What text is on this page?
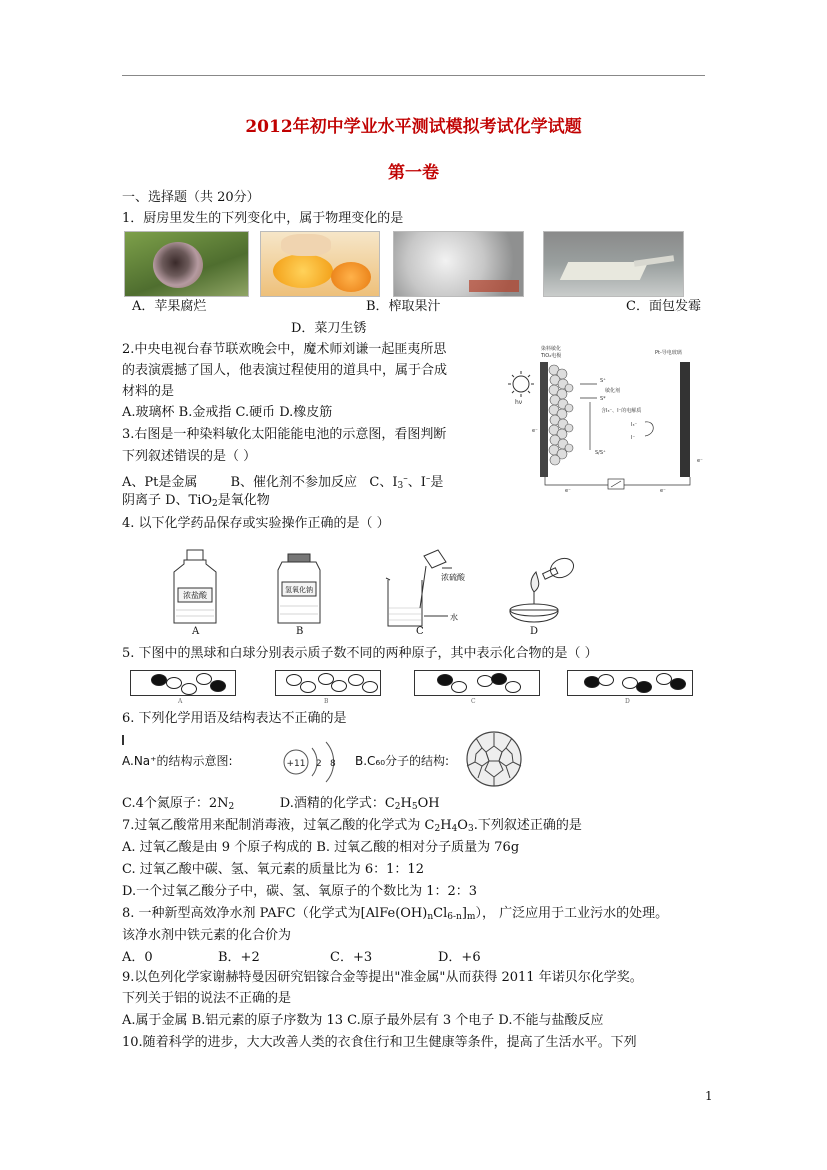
2012年初中学业水平测试模拟考试化学试题
第一卷
一、选择题（共 20分）
1．厨房里发生的下列变化中，属于物理变化的是
A．苹果腐烂	B．榨取果汁	C．面包发霉
D．菜刀生锈
2.中央电视台春节联欢晚会中，魔术师刘谦一起匪夷所思
的表演震撼了国人，他表演过程使用的道具中，属于合成
材料的是
A.玻璃杯 B.金戒指 C.硬币 D.橡皮筋
3.右图是一种染料敏化太阳能能电池的示意图，看图判断
下列叙述错误的是（ ）
A、Pt是金属	B、催化剂不参加反应 C、$I_3^-$、I–是
阴离子 D、TiO$_2$是氧化物
hν
染料敏化
TiO₂电极	Pt-导电玻璃
S⁺
敏化剂
S*
含I₃⁻、I⁻的电解质
I₃⁻
I⁻
S/S⁺
e⁻	e⁻
e⁻
e⁻
4. 以下化学药品保存或实验操作正确的是（ ）
浓盐酸
氢氧化钠
浓硫酸
水
A	B	C	D
5. 下图中的黑球和白球分别表示质子数不同的两种原子，其中表示化合物的是（ ）
A	B	C	D
6. 下列化学用语及结构表达不正确的是
A.Na⁺的结构示意图:	+11 2 8 B.C₆₀分子的结构:
C.4个氮原子：$2N_2$	D.酒精的化学式：$C_2H_5OH$
7.过氧乙酸常用来配制消毒液，过氧乙酸的化学式为 $C_2H_4O_3$.下列叙述正确的是
A. 过氧乙酸是由 9 个原子构成的 B. 过氧乙酸的相对分子质量为 76g
C. 过氧乙酸中碳、氢、氧元素的质量比为 6：1：12
D.一个过氧乙酸分子中，碳、氢、氧原子的个数比为 1：2：3
8. 一种新型高效净水剂 PAFC（化学式为$[AlFe(OH)_nCl_{6-n}]_m$）， 广泛应用于工业污水的处理。
该净水剂中铁元素的化合价为
A．0	B．+2	C．+3	D．+6
9.以色列化学家谢赫特曼因研究铝镓合金等提出"准金属"从而获得 2011 年诺贝尔化学奖。
下列关于铝的说法不正确的是
A.属于金属 B.铝元素的原子序数为 13 C.原子最外层有 3 个电子 D.不能与盐酸反应
10.随着科学的进步，大大改善人类的衣食住行和卫生健康等条件，提高了生活水平。下列
1
